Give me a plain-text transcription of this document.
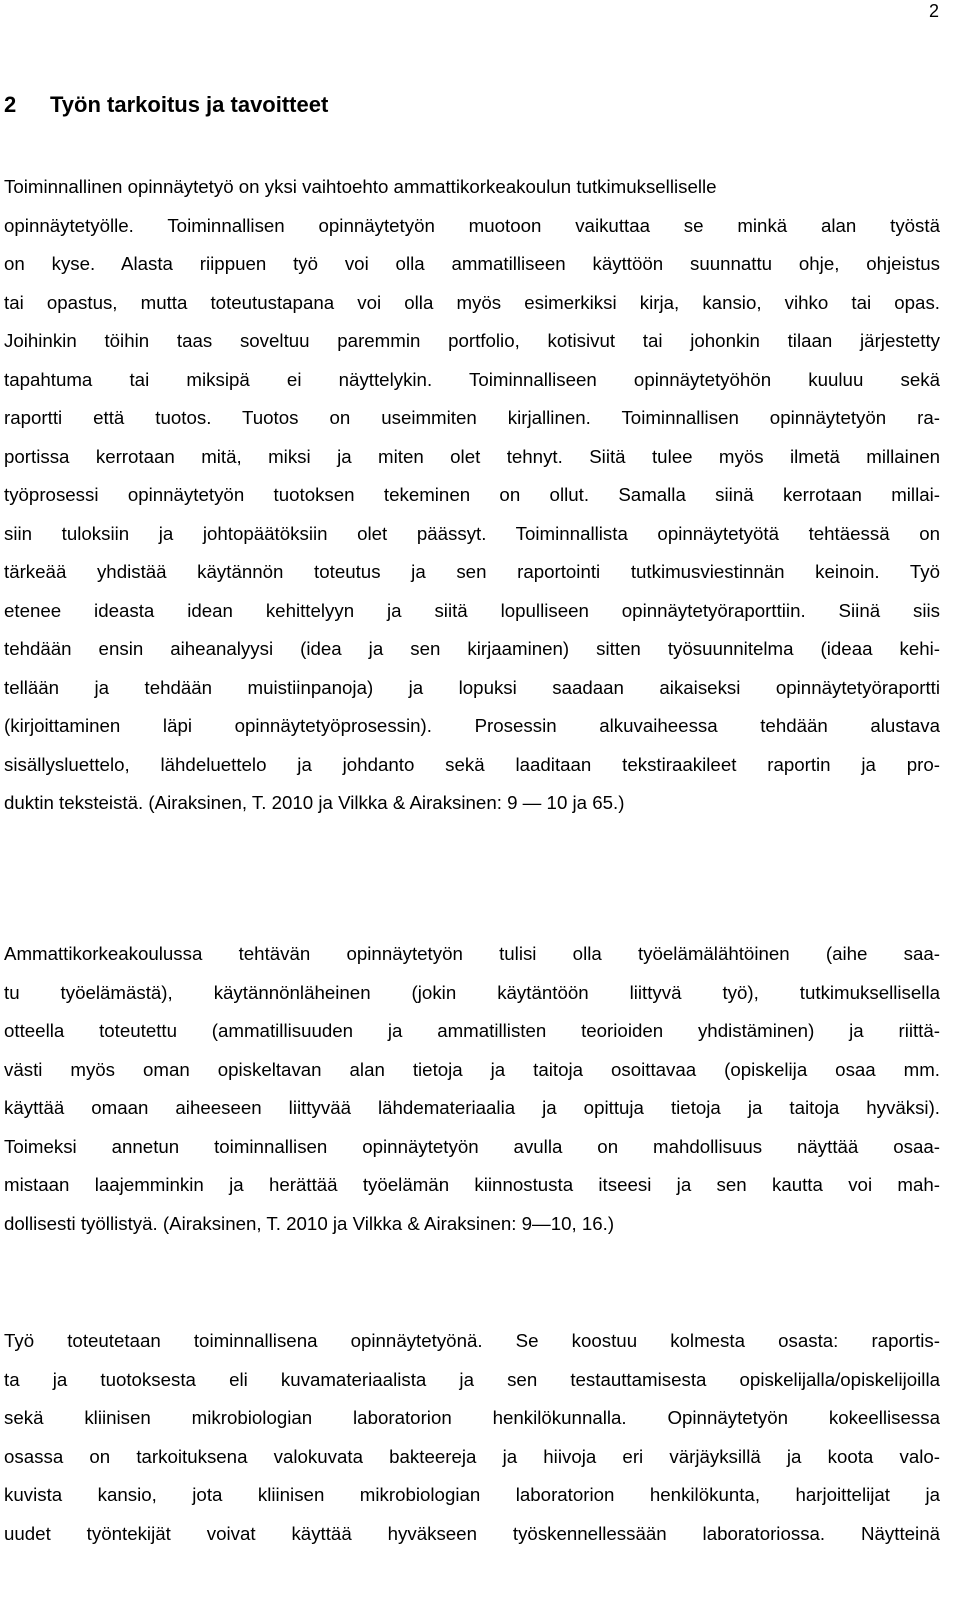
2
2 Työn tarkoitus ja tavoitteet
Toiminnallinen opinnäytetyö on yksi vaihtoehto ammattikorkeakoulun tutkimukselliselle
opinnäytetyölle. Toiminnallisen opinnäytetyön muotoon vaikuttaa se minkä alan työstä
on kyse. Alasta riippuen työ voi olla ammatilliseen käyttöön suunnattu ohje, ohjeistus
tai opastus, mutta toteutustapana voi olla myös esimerkiksi kirja, kansio, vihko tai opas.
Joihinkin töihin taas soveltuu paremmin portfolio, kotisivut tai johonkin tilaan järjestetty
tapahtuma tai miksipä ei näyttelykin. Toiminnalliseen opinnäytetyöhön kuuluu sekä
raportti että tuotos. Tuotos on useimmiten kirjallinen. Toiminnallisen opinnäytetyön ra-
portissa kerrotaan mitä, miksi ja miten olet tehnyt. Siitä tulee myös ilmetä millainen
työprosessi opinnäytetyön tuotoksen tekeminen on ollut. Samalla siinä kerrotaan millai-
siin tuloksiin ja johtopäätöksiin olet päässyt. Toiminnallista opinnäytetyötä tehtäessä on
tärkeää yhdistää käytännön toteutus ja sen raportointi tutkimusviestinnän keinoin. Työ
etenee ideasta idean kehittelyyn ja siitä lopulliseen opinnäytetyöraporttiin. Siinä siis
tehdään ensin aiheanalyysi (idea ja sen kirjaaminen) sitten työsuunnitelma (ideaa kehi-
tellään ja tehdään muistiinpanoja) ja lopuksi saadaan aikaiseksi opinnäytetyöraportti
(kirjoittaminen läpi opinnäytetyöprosessin). Prosessin alkuvaiheessa tehdään alustava
sisällysluettelo, lähdeluettelo ja johdanto sekä laaditaan tekstiraakileet raportin ja pro-
duktin teksteistä. (Airaksinen, T. 2010 ja Vilkka & Airaksinen: 9 — 10 ja 65.)
Ammattikorkeakoulussa tehtävän opinnäytetyön tulisi olla työelämälähtöinen (aihe saa-
tu työelämästä), käytännönläheinen (jokin käytäntöön liittyvä työ), tutkimuksellisella
otteella toteutettu (ammatillisuuden ja ammatillisten teorioiden yhdistäminen) ja riittä-
västi myös oman opiskeltavan alan tietoja ja taitoja osoittavaa (opiskelija osaa mm.
käyttää omaan aiheeseen liittyvää lähdemateriaalia ja opittuja tietoja ja taitoja hyväksi).
Toimeksi annetun toiminnallisen opinnäytetyön avulla on mahdollisuus näyttää osaa-
mistaan laajemminkin ja herättää työelämän kiinnostusta itseesi ja sen kautta voi mah-
dollisesti työllistyä. (Airaksinen, T. 2010 ja Vilkka & Airaksinen: 9—10, 16.)
Työ toteutetaan toiminnallisena opinnäytetyönä. Se koostuu kolmesta osasta: raportis-
ta ja tuotoksesta eli kuvamateriaalista ja sen testauttamisesta opiskelijalla/opiskelijoilla
sekä kliinisen mikrobiologian laboratorion henkilökunnalla. Opinnäytetyön kokeellisessa
osassa on tarkoituksena valokuvata bakteereja ja hiivoja eri värjäyksillä ja koota valo-
kuvista kansio, jota kliinisen mikrobiologian laboratorion henkilökunta, harjoittelijat ja
uudet työntekijät voivat käyttää hyväkseen työskennellessään laboratoriossa. Näytteinä
